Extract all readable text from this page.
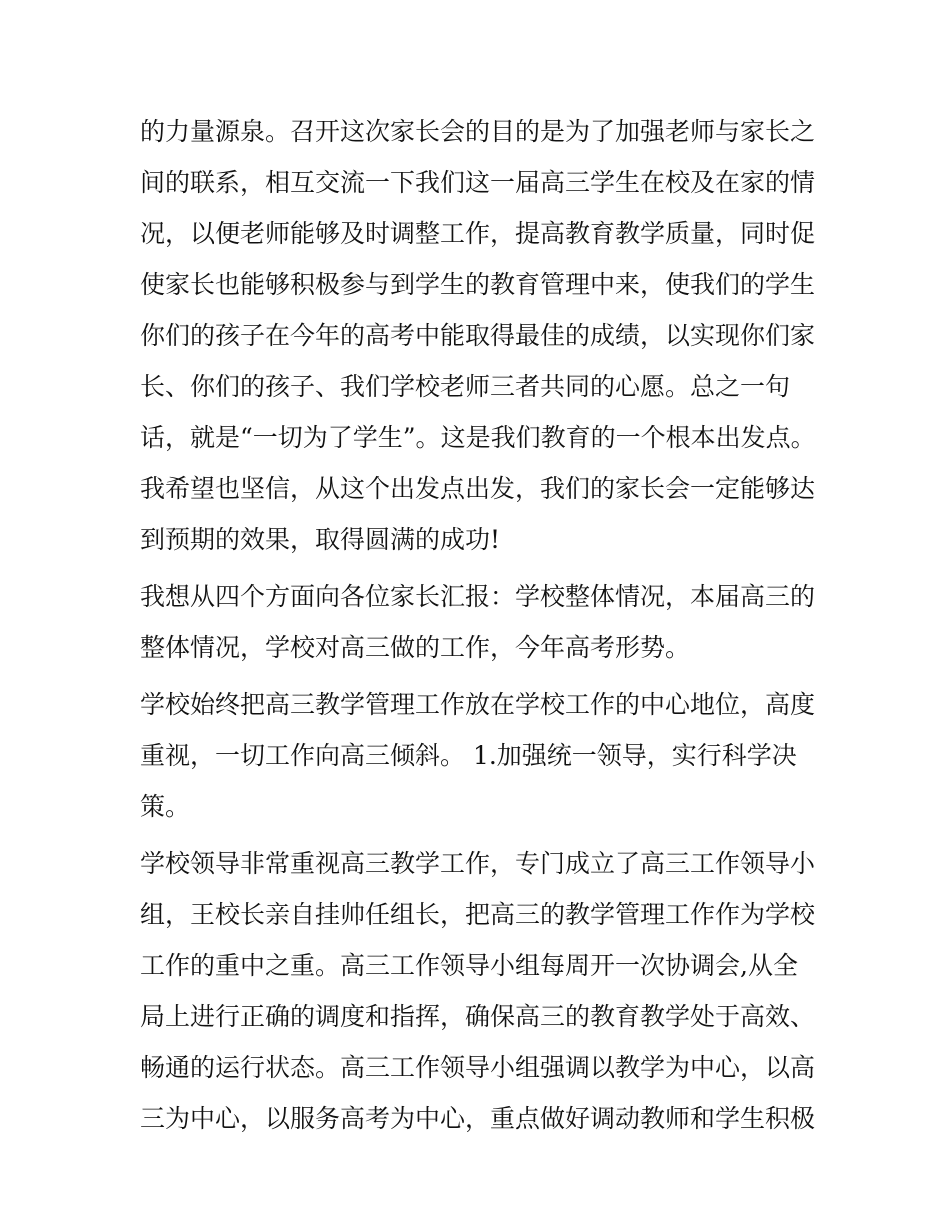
的力量源泉。召开这次家长会的目的是为了加强老师与家长之
间的联系，相互交流一下我们这一届高三学生在校及在家的情
况，以便老师能够及时调整工作，提高教育教学质量，同时促
使家长也能够积极参与到学生的教育管理中来，使我们的学生
你们的孩子在今年的高考中能取得最佳的成绩，以实现你们家
长、你们的孩子、我们学校老师三者共同的心愿。总之一句
话，就是“一切为了学生”。这是我们教育的一个根本出发点。
我希望也坚信，从这个出发点出发，我们的家长会一定能够达
到预期的效果，取得圆满的成功!
我想从四个方面向各位家长汇报：学校整体情况，本届高三的
整体情况，学校对高三做的工作，今年高考形势。
学校始终把高三教学管理工作放在学校工作的中心地位，高度
重视，一切工作向高三倾斜。 1.加强统一领导，实行科学决
策。
学校领导非常重视高三教学工作，专门成立了高三工作领导小
组，王校长亲自挂帅任组长，把高三的教学管理工作作为学校
工作的重中之重。高三工作领导小组每周开一次协调会,从全
局上进行正确的调度和指挥，确保高三的教育教学处于高效、
畅通的运行状态。高三工作领导小组强调以教学为中心，以高
三为中心，以服务高考为中心，重点做好调动教师和学生积极
